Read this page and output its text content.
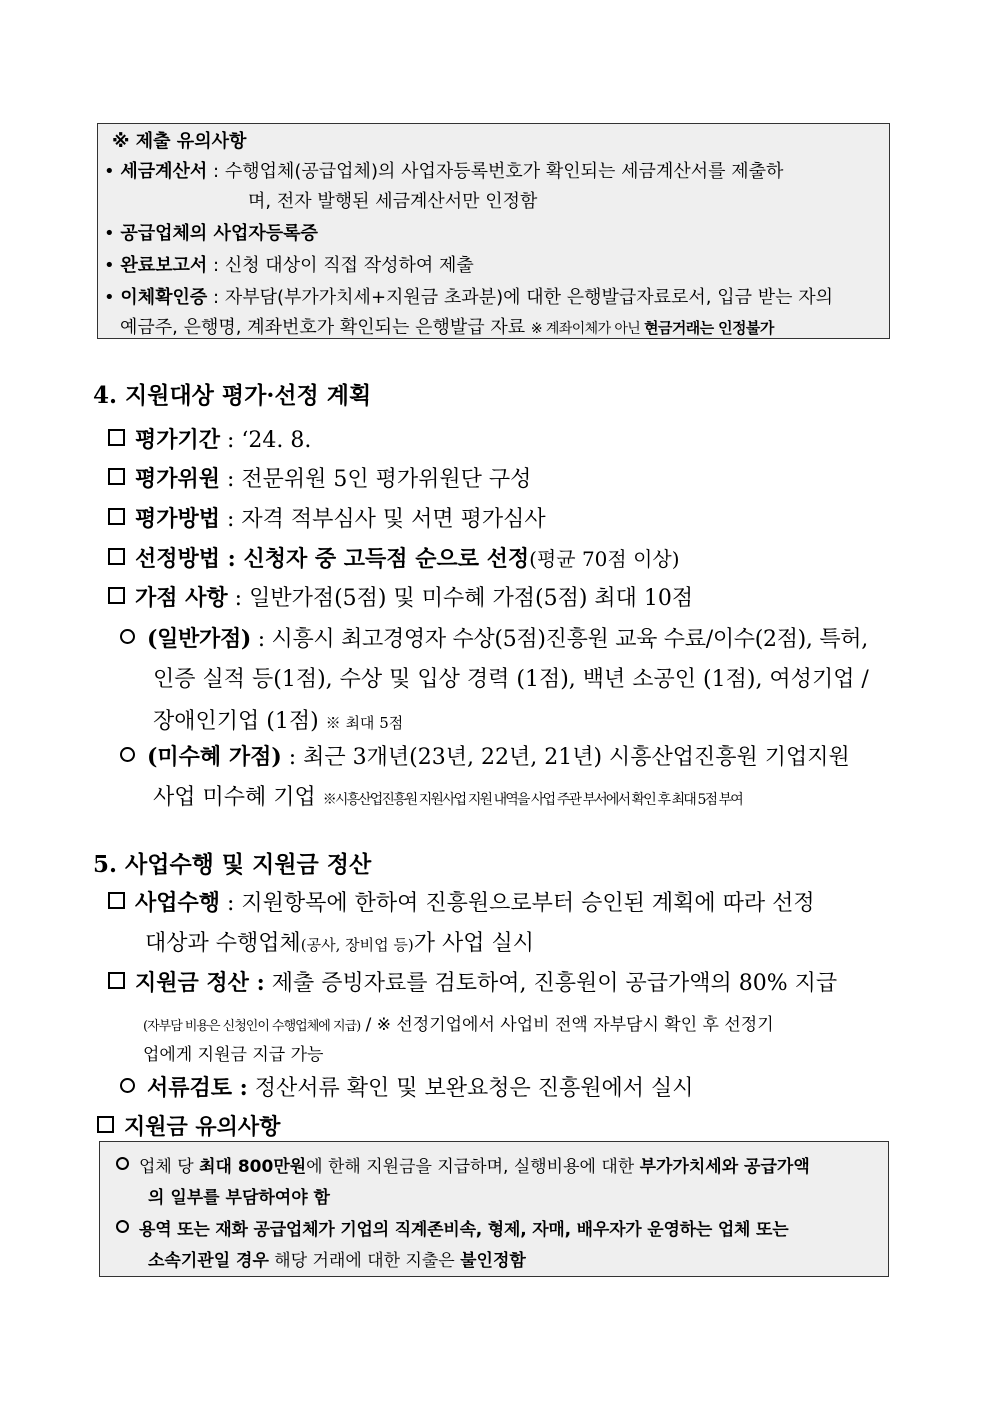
※ 제출 유의사항
• 세금계산서 : 수행업체(공급업체)의 사업자등록번호가 확인되는 세금계산서를 제출하
며, 전자 발행된 세금계산서만 인정함
• 공급업체의 사업자등록증
• 완료보고서 : 신청 대상이 직접 작성하여 제출
• 이체확인증 : 자부담(부가가치세+지원금 초과분)에 대한 은행발급자료로서, 입금 받는 자의
예금주, 은행명, 계좌번호가 확인되는 은행발급 자료 ※ 계좌이체가 아닌 현금거래는 인정불가
4. 지원대상 평가·선정 계획
평가기간 : ‘24. 8.
평가위원 : 전문위원 5인 평가위원단 구성
평가방법 : 자격 적부심사 및 서면 평가심사
선정방법 : 신청자 중 고득점 순으로 선정(평균 70점 이상)
가점 사항 : 일반가점(5점) 및 미수혜 가점(5점) 최대 10점
(일반가점) : 시흥시 최고경영자 수상(5점)진흥원 교육 수료/이수(2점), 특허,
인증 실적 등(1점), 수상 및 입상 경력 (1점), 백년 소공인 (1점), 여성기업 /
장애인기업 (1점) ※ 최대 5점
(미수혜 가점) : 최근 3개년(23년, 22년, 21년) 시흥산업진흥원 기업지원
사업 미수혜 기업 ※시흥산업진흥원 지원사업 지원 내역을 사업 주관 부서에서 확인 후 최대 5점 부여
5. 사업수행 및 지원금 정산
사업수행 : 지원항목에 한하여 진흥원으로부터 승인된 계획에 따라 선정
대상과 수행업체(공사, 장비업 등)가 사업 실시
지원금 정산 : 제출 증빙자료를 검토하여, 진흥원이 공급가액의 80% 지급
(자부담 비용은 신청인이 수행업체에 지급) / ※ 선정기업에서 사업비 전액 자부담시 확인 후 선정기
업에게 지원금 지급 가능
서류검토 : 정산서류 확인 및 보완요청은 진흥원에서 실시
지원금 유의사항
업체 당 최대 800만원에 한해 지원금을 지급하며, 실행비용에 대한 부가가치세와 공급가액
의 일부를 부담하여야 함
용역 또는 재화 공급업체가 기업의 직계존비속, 형제, 자매, 배우자가 운영하는 업체 또는
소속기관일 경우 해당 거래에 대한 지출은 불인정함
